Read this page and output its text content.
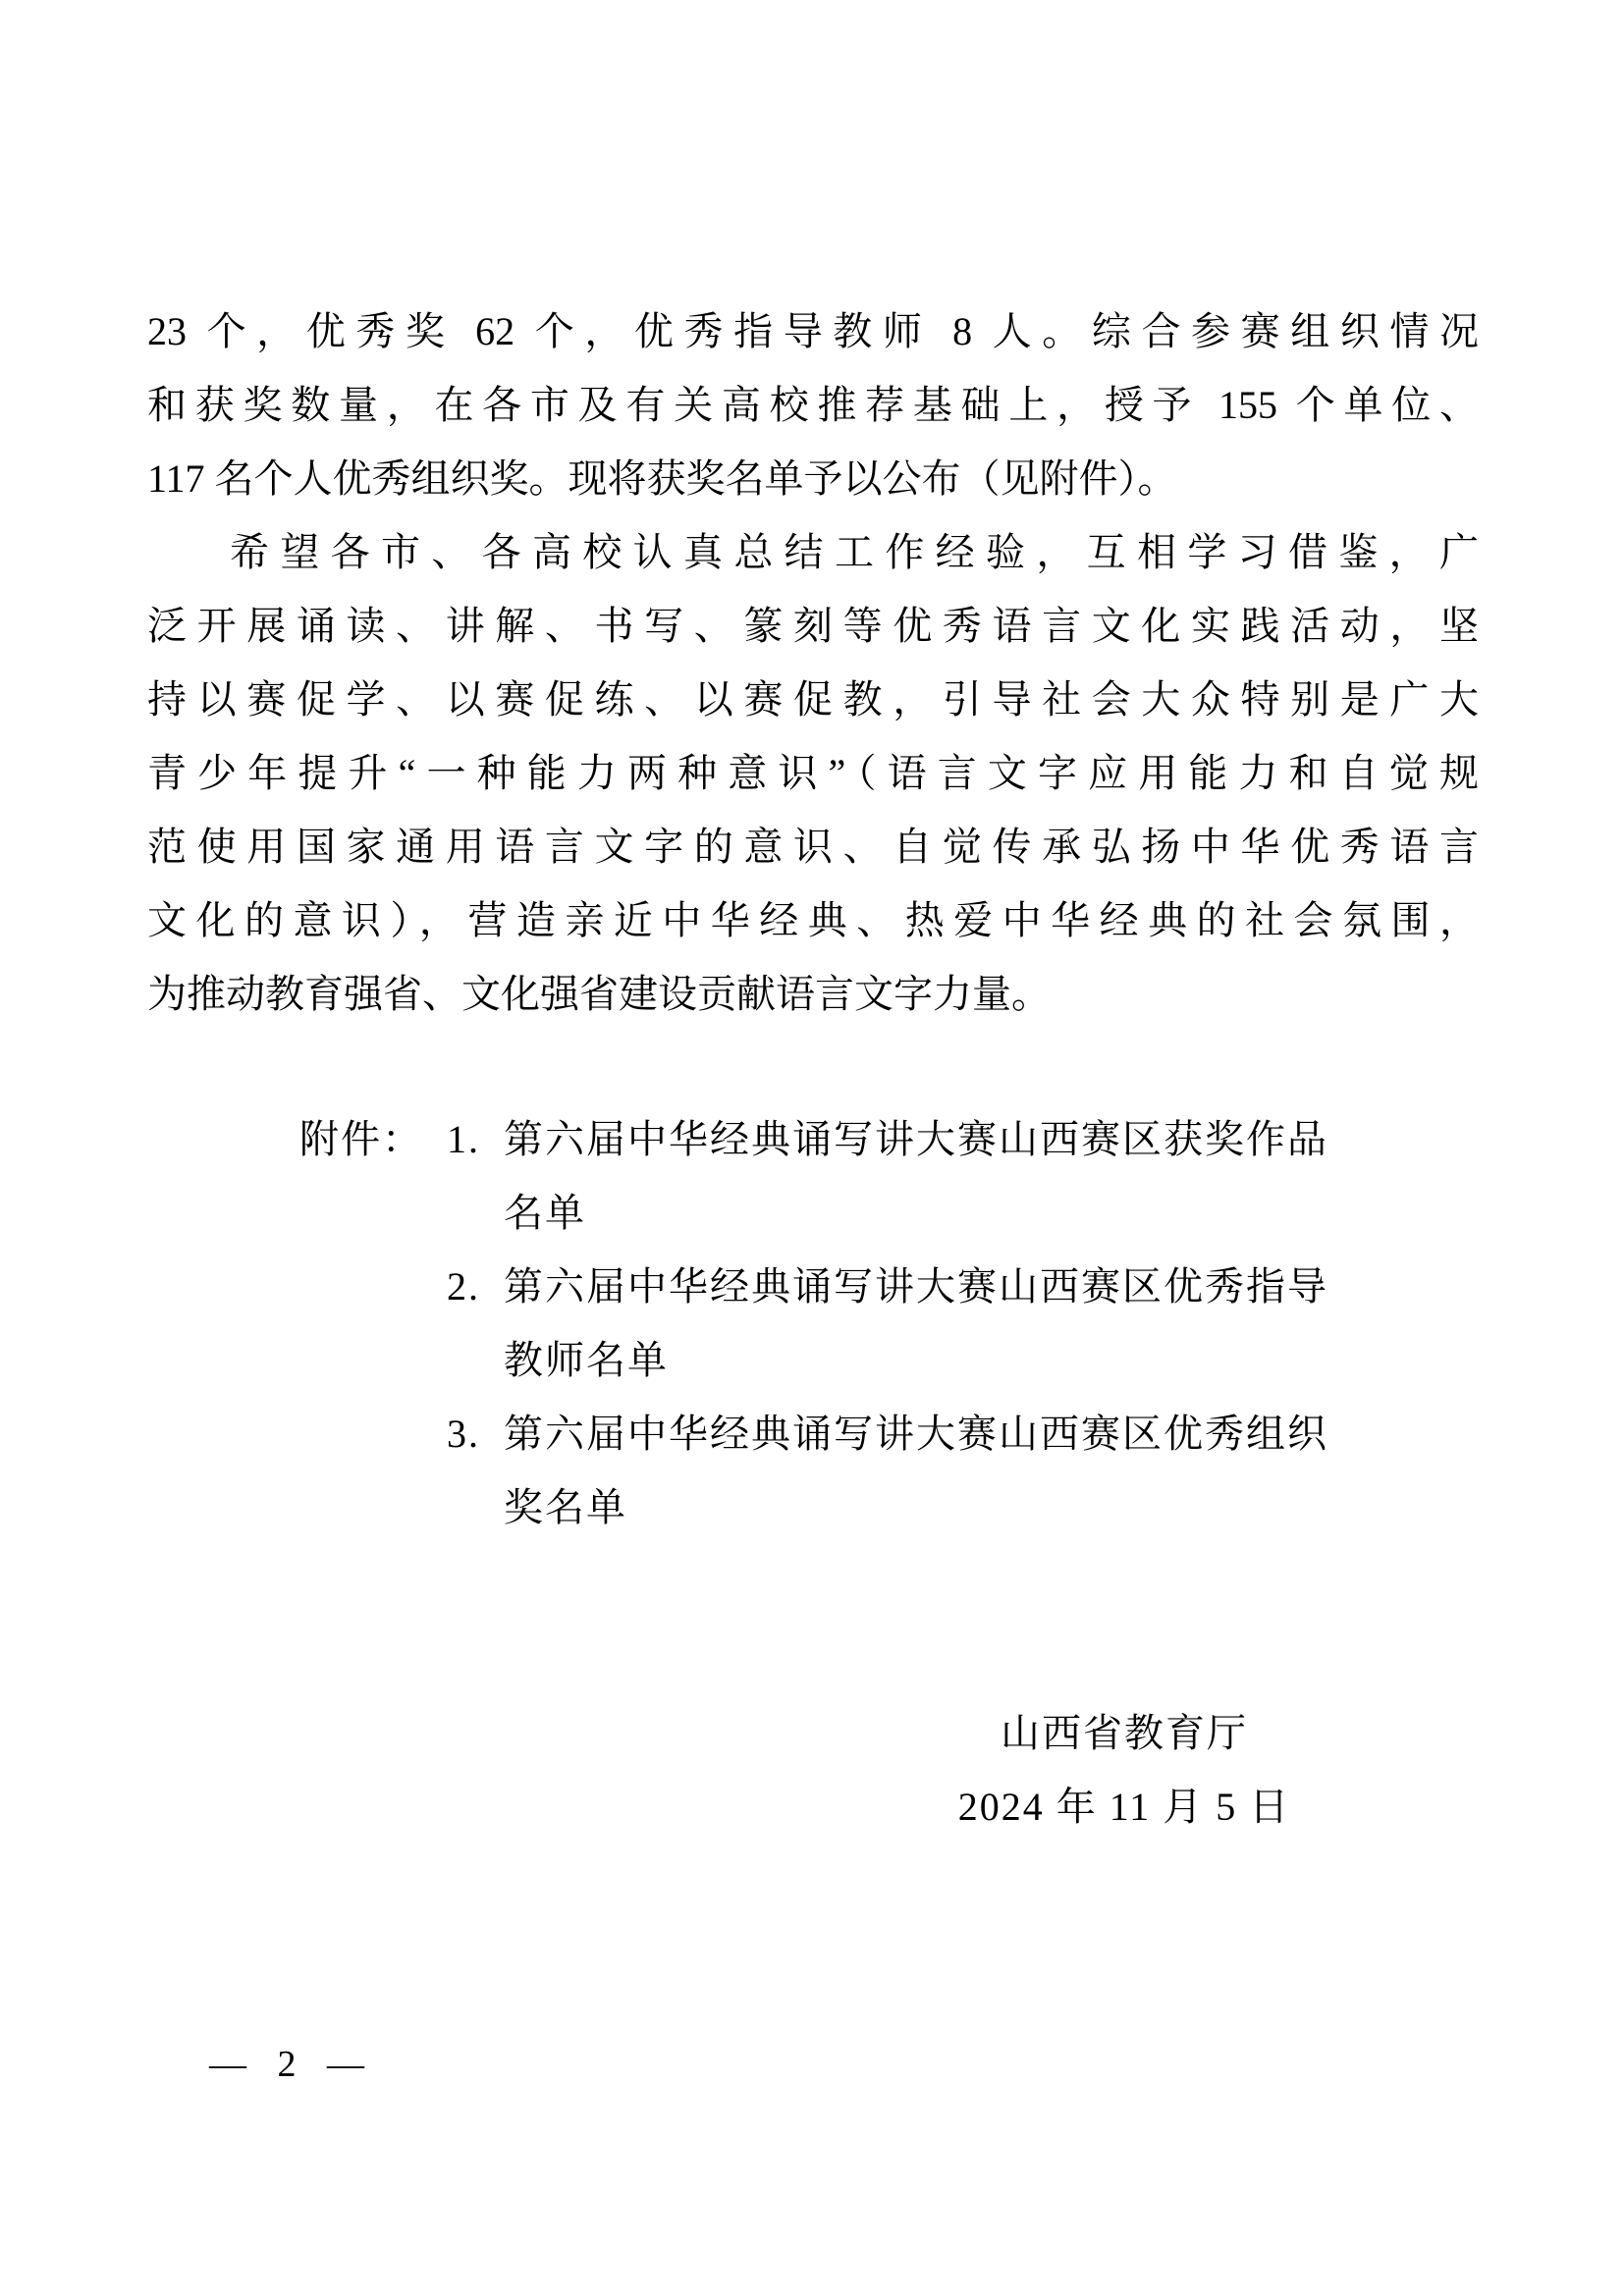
23 个，优秀奖 62 个，优秀指导教师 8 人。综合参赛组织情况
和获奖数量，在各市及有关高校推荐基础上，授予 155 个单位、
117 名个人优秀组织奖。现将获奖名单予以公布（见附件）。
希望各市、各高校认真总结工作经验，互相学习借鉴，广
泛开展诵读、讲解、书写、篆刻等优秀语言文化实践活动，坚
持以赛促学、以赛促练、以赛促教，引导社会大众特别是广大
青少年提升“一种能力两种意识”（语言文字应用能力和自觉规
范使用国家通用语言文字的意识、自觉传承弘扬中华优秀语言
文化的意识），营造亲近中华经典、热爱中华经典的社会氛围，
为推动教育强省、文化强省建设贡献语言文字力量。
附件： 1. 第六届中华经典诵写讲大赛山西赛区获奖作品
名单
2. 第六届中华经典诵写讲大赛山西赛区优秀指导
教师名单
3. 第六届中华经典诵写讲大赛山西赛区优秀组织
奖名单
山西省教育厅
2024 年 11 月 5 日
— 2 —
